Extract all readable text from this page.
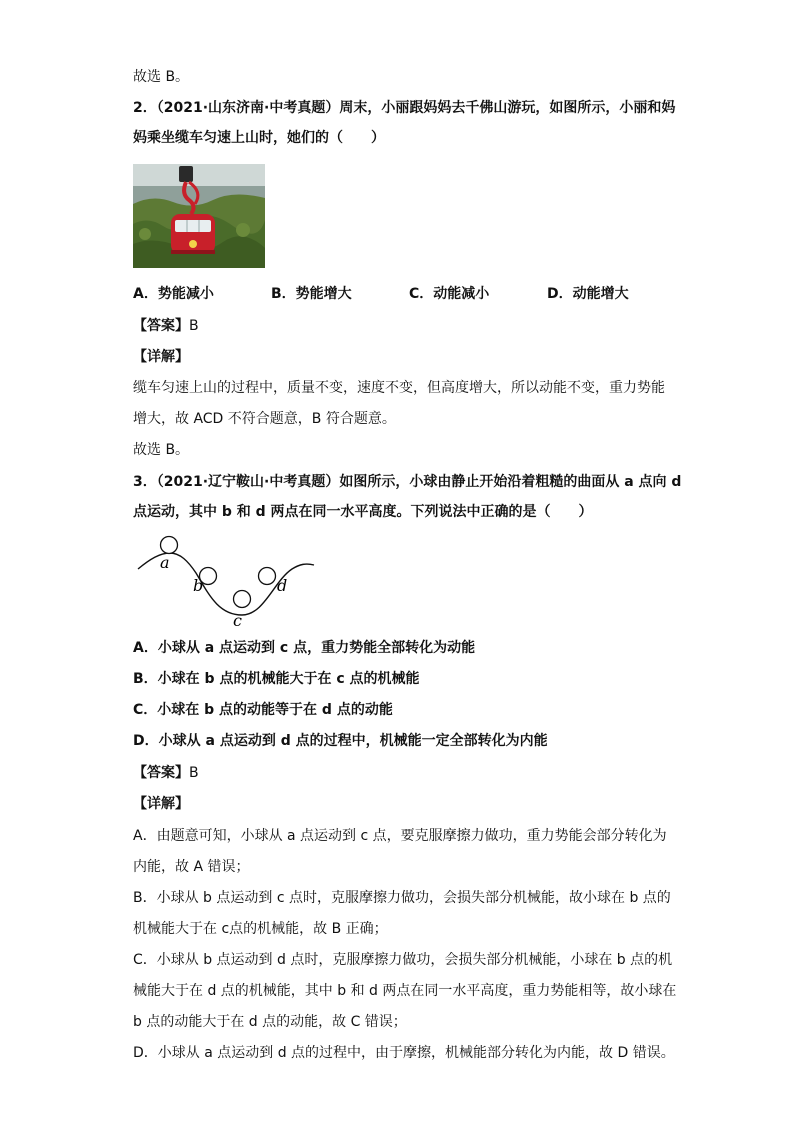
故选 B。
2．（2021·山东济南·中考真题）周末，小丽跟妈妈去千佛山游玩，如图所示，小丽和妈
妈乘坐缆车匀速上山时，她们的（　　）
A．势能减小	B．势能增大	C．动能减小	D．动能增大
【答案】B
【详解】
缆车匀速上山的过程中，质量不变，速度不变，但高度增大，所以动能不变，重力势能
增大，故 ACD 不符合题意，B 符合题意。
故选 B。
3．（2021·辽宁鞍山·中考真题）如图所示，小球由静止开始沿着粗糙的曲面从 a 点向 d
点运动，其中 b 和 d 两点在同一水平高度。下列说法中正确的是（　　）
a
b
c
d
A．小球从 a 点运动到 c 点，重力势能全部转化为动能
B．小球在 b 点的机械能大于在 c 点的机械能
C．小球在 b 点的动能等于在 d 点的动能
D．小球从 a 点运动到 d 点的过程中，机械能一定全部转化为内能
【答案】B
【详解】
A．由题意可知，小球从 a 点运动到 c 点，要克服摩擦力做功，重力势能会部分转化为
内能，故 A 错误；
B．小球从 b 点运动到 c 点时，克服摩擦力做功，会损失部分机械能，故小球在 b 点的
机械能大于在 c点的机械能，故 B 正确；
C．小球从 b 点运动到 d 点时，克服摩擦力做功，会损失部分机械能，小球在 b 点的机
械能大于在 d 点的机械能，其中 b 和 d 两点在同一水平高度，重力势能相等，故小球在
b 点的动能大于在 d 点的动能，故 C 错误；
D．小球从 a 点运动到 d 点的过程中，由于摩擦，机械能部分转化为内能，故 D 错误。
